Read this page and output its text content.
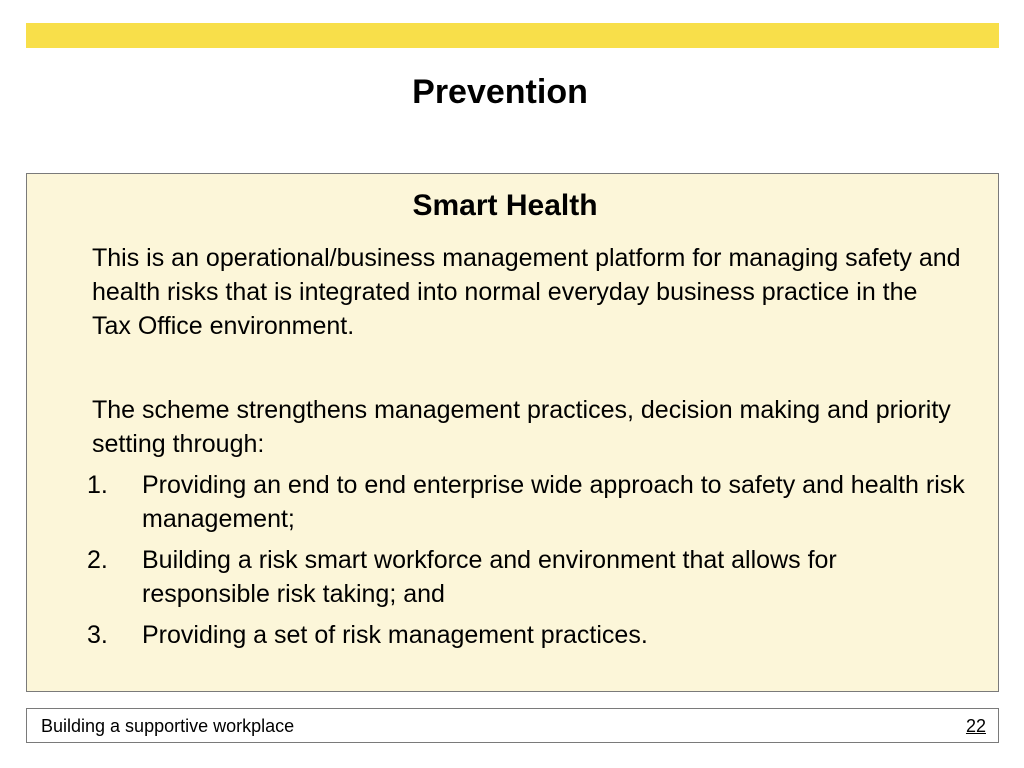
Prevention
Smart Health
This is an operational/business management platform for managing safety and health risks that is integrated into normal everyday business practice in the Tax Office environment.
The scheme strengthens management practices, decision making and priority setting through:
1. Providing an end to end enterprise wide approach to safety and health risk management;
2. Building a risk smart workforce and environment that allows for responsible risk taking; and
3. Providing a set of risk management practices.
Building a supportive workplace	22
